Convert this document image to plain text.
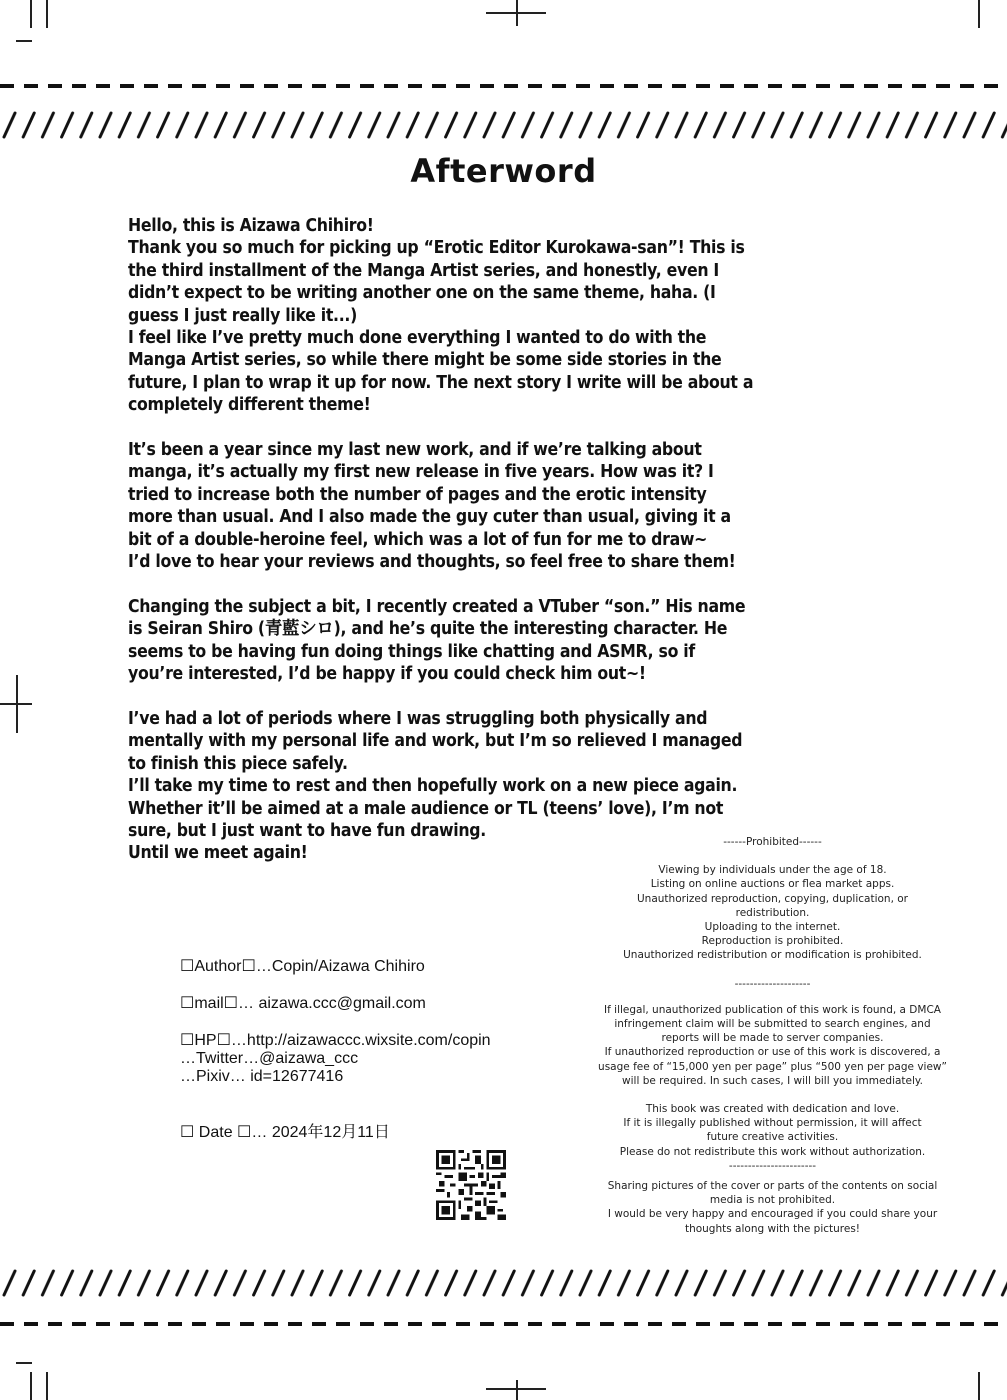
Afterword

Hello, this is Aizawa Chihiro!
Thank you so much for picking up “Erotic Editor Kurokawa-san”! This is
the third installment of the Manga Artist series, and honestly, even I
didn’t expect to be writing another one on the same theme, haha. (I
guess I just really like it...)
I feel like I’ve pretty much done everything I wanted to do with the
Manga Artist series, so while there might be some side stories in the
future, I plan to wrap it up for now. The next story I write will be about a
completely different theme!

It’s been a year since my last new work, and if we’re talking about
manga, it’s actually my first new release in five years. How was it? I
tried to increase both the number of pages and the erotic intensity
more than usual. And I also made the guy cuter than usual, giving it a
bit of a double-heroine feel, which was a lot of fun for me to draw~
I’d love to hear your reviews and thoughts, so feel free to share them!

Changing the subject a bit, I recently created a VTuber “son.” His name
is Seiran Shiro (青藍シロ), and he’s quite the interesting character. He
seems to be having fun doing things like chatting and ASMR, so if
you’re interested, I’d be happy if you could check him out~!

I’ve had a lot of periods where I was struggling both physically and
mentally with my personal life and work, but I’m so relieved I managed
to finish this piece safely.
I’ll take my time to rest and then hopefully work on a new piece again.
Whether it’ll be aimed at a male audience or TL (teens’ love), I’m not
sure, but I just want to have fun drawing.
Until we meet again!

☐Author☐…Copin/Aizawa Chihiro
☐mail☐… aizawa.ccc@gmail.com
☐HP☐…http://aizawaccc.wixsite.com/copin
…Twitter…@aizawa_ccc
…Pixiv… id=12677416
☐ Date ☐… 2024年12月11日
------Prohibited------
Viewing by individuals under the age of 18.
Listing on online auctions or flea market apps.
Unauthorized reproduction, copying, duplication, or redistribution.
Uploading to the internet.
Reproduction is prohibited.
Unauthorized redistribution or modification is prohibited.
--------------------
If illegal, unauthorized publication of this work is found, a DMCA infringement claim will be submitted to search engines, and reports will be made to server companies.
If unauthorized reproduction or use of this work is discovered, a usage fee of “15,000 yen per page” plus “500 yen per page view” will be required. In such cases, I will bill you immediately.
This book was created with dedication and love.
If it is illegally published without permission, it will affect future creative activities.
Please do not redistribute this work without authorization.
-----------------------
Sharing pictures of the cover or parts of the contents on social media is not prohibited.
I would be very happy and encouraged if you could share your thoughts along with the pictures!
